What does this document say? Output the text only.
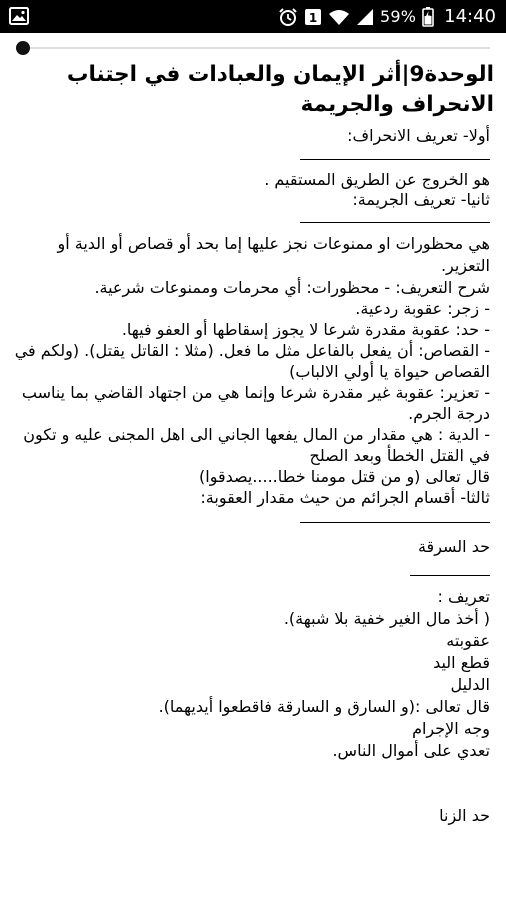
1	59% 14:40
الوحدة9|أثر الإيمان والعبادات في اجتناب الانحراف والجريمة

أولا- تعريف الانحراف:

هو الخروج عن الطريق المستقيم .

ثانيا- تعريف الجريمة:

هي محظورات او ممنوعات نجز عليها إما بحد أو قصاص أو الدية أو التعزير.

شرح التعريف: - محظورات: أي محرمات وممنوعات شرعية.

- زجر: عقوبة ردعية.

- حد: عقوبة مقدرة شرعا لا يجوز إسقاطها أو العفو فيها.

- القصاص: أن يفعل بالفاعل مثل ما فعل. (مثلا : القاتل يقتل). (ولكم في القصاص حيواة يا أولي الالباب)

- تعزير: عقوبة غير مقدرة شرعا وإنما هي من اجتهاد القاضي بما يناسب درجة الجرم.

- الدية : هي مقدار من المال يفعها الجاني الى اهل المجنى عليه و تكون في القتل الخطأ وبعد الصلح

قال تعالى (و من قتل مومنا خطا.....يصدقوا)

ثالثا- أقسام الجرائم من حيث مقدار العقوبة:

حد السرقة

تعريف :

( أخذ مال الغير خفية بلا شبهة).

عقوبته

قطع اليد

الدليل

قال تعالى :(و السارق و السارقة فاقطعوا أيديهما).

وجه الإجرام

تعدي على أموال الناس.

حد الزنا
